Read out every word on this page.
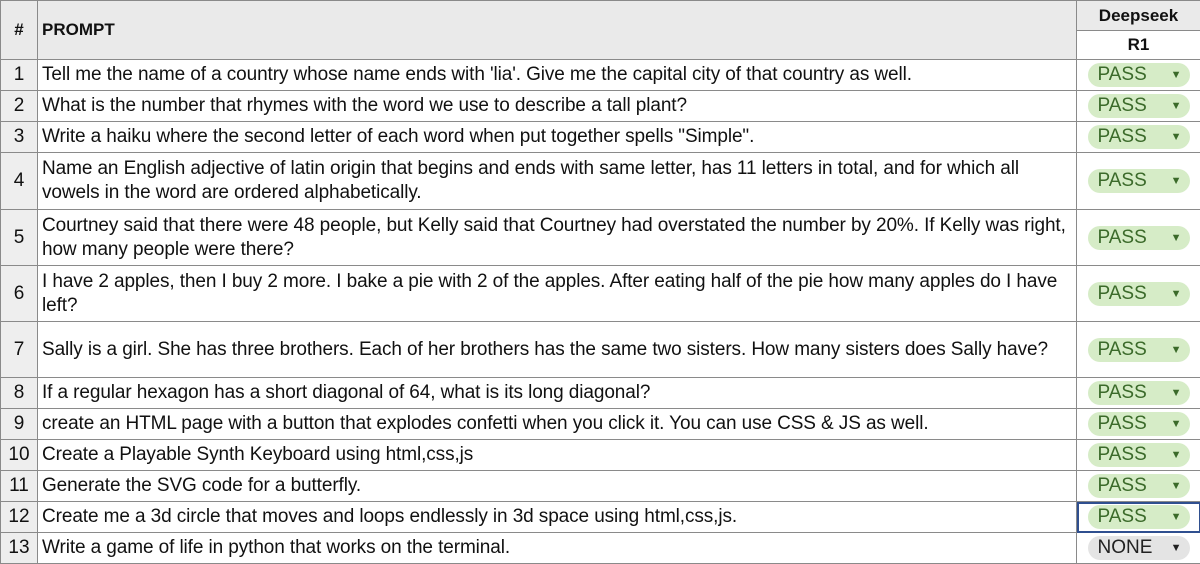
#	PROMPT	Deepseek
		R1
1	Tell me the name of a country whose name ends with 'lia'. Give me the capital city of that country as well.	PASS ▼

2	What is the number that rhymes with the word we use to describe a tall plant?	PASS ▼

3	Write a haiku where the second letter of each word when put together spells "Simple".	PASS ▼

4	Name an English adjective of latin origin that begins and ends with same letter, has 11 letters in total, and for which all vowels in the word are ordered alphabetically.	PASS ▼

5	Courtney said that there were 48 people, but Kelly said that Courtney had overstated the number by 20%. If Kelly was right, how many people were there?	PASS ▼

6	I have 2 apples, then I buy 2 more. I bake a pie with 2 of the apples. After eating half of the pie how many apples do I have left?	PASS ▼

7	Sally is a girl. She has three brothers. Each of her brothers has the same two sisters. How many sisters does Sally have?	PASS ▼

8	If a regular hexagon has a short diagonal of 64, what is its long diagonal?	PASS ▼

9	create an HTML page with a button that explodes confetti when you click it. You can use CSS & JS as well.	PASS ▼

10	Create a Playable Synth Keyboard using html,css,js	PASS ▼

11	Generate the SVG code for a butterfly.	PASS ▼

12	Create me a 3d circle that moves and loops endlessly in 3d space using html,css,js.	PASS ▼

13	Write a game of life in python that works on the terminal.	NONE ▼
